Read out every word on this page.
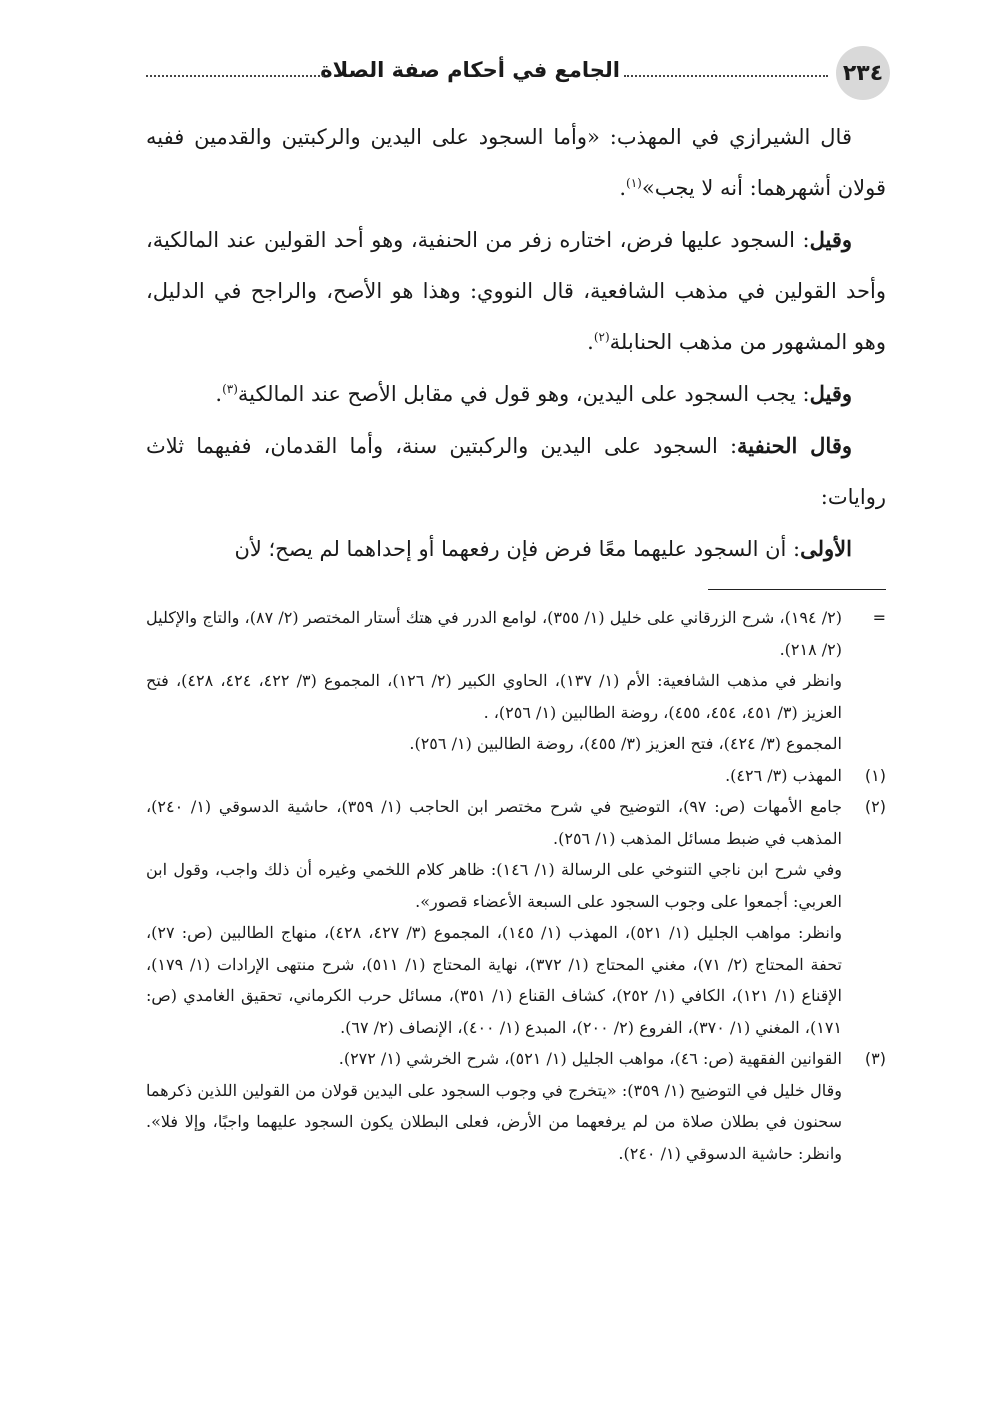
٢٣٤
الجامع في أحكام صفة الصلاة

قال الشيرازي في المهذب: «وأما السجود على اليدين والركبتين والقدمين ففيه قولان أشهرهما: أنه لا يجب»$^{(١)}$.

وقيل: السجود عليها فرض، اختاره زفر من الحنفية، وهو أحد القولين عند المالكية، وأحد القولين في مذهب الشافعية، قال النووي: وهذا هو الأصح، والراجح في الدليل، وهو المشهور من مذهب الحنابلة$^{(٢)}$.

وقيل: يجب السجود على اليدين، وهو قول في مقابل الأصح عند المالكية$^{(٣)}$.

وقال الحنفية: السجود على اليدين والركبتين سنة، وأما القدمان، ففيهما ثلاث روايات:

الأولى: أن السجود عليهما معًا فرض فإن رفعهما أو إحداهما لم يصح؛ لأن

=
(٢/ ١٩٤)، شرح الزرقاني على خليل (١/ ٣٥٥)، لوامع الدرر في هتك أستار المختصر (٢/ ٨٧)، والتاج والإكليل (٢/ ٢١٨).

وانظر في مذهب الشافعية: الأم (١/ ١٣٧)، الحاوي الكبير (٢/ ١٢٦)، المجموع (٣/ ٤٢٢، ٤٢٤، ٤٢٨)، فتح العزيز (٣/ ٤٥١، ٤٥٤، ٤٥٥)، روضة الطالبين (١/ ٢٥٦)، .

المجموع (٣/ ٤٢٤)، فتح العزيز (٣/ ٤٥٥)، روضة الطالبين (١/ ٢٥٦).

(١)
المهذب (٣/ ٤٢٦).

(٢)
جامع الأمهات (ص: ٩٧)، التوضيح في شرح مختصر ابن الحاجب (١/ ٣٥٩)، حاشية الدسوقي (١/ ٢٤٠)، المذهب في ضبط مسائل المذهب (١/ ٢٥٦).

وفي شرح ابن ناجي التنوخي على الرسالة (١/ ١٤٦): ظاهر كلام اللخمي وغيره أن ذلك واجب، وقول ابن العربي: أجمعوا على وجوب السجود على السبعة الأعضاء قصور».

وانظر: مواهب الجليل (١/ ٥٢١)، المهذب (١/ ١٤٥)، المجموع (٣/ ٤٢٧، ٤٢٨)، منهاج الطالبين (ص: ٢٧)، تحفة المحتاج (٢/ ٧١)، مغني المحتاج (١/ ٣٧٢)، نهاية المحتاج (١/ ٥١١)، شرح منتهى الإرادات (١/ ١٧٩)، الإقناع (١/ ١٢١)، الكافي (١/ ٢٥٢)، كشاف القناع (١/ ٣٥١)، مسائل حرب الكرماني، تحقيق الغامدي (ص: ١٧١)، المغني (١/ ٣٧٠)، الفروع (٢/ ٢٠٠)، المبدع (١/ ٤٠٠)، الإنصاف (٢/ ٦٧).

(٣)
القوانين الفقهية (ص: ٤٦)، مواهب الجليل (١/ ٥٢١)، شرح الخرشي (١/ ٢٧٢).

وقال خليل في التوضيح (١/ ٣٥٩): «يتخرج في وجوب السجود على اليدين قولان من القولين اللذين ذكرهما سحنون في بطلان صلاة من لم يرفعهما من الأرض، فعلى البطلان يكون السجود عليهما واجبًا، وإلا فلا». وانظر: حاشية الدسوقي (١/ ٢٤٠).
